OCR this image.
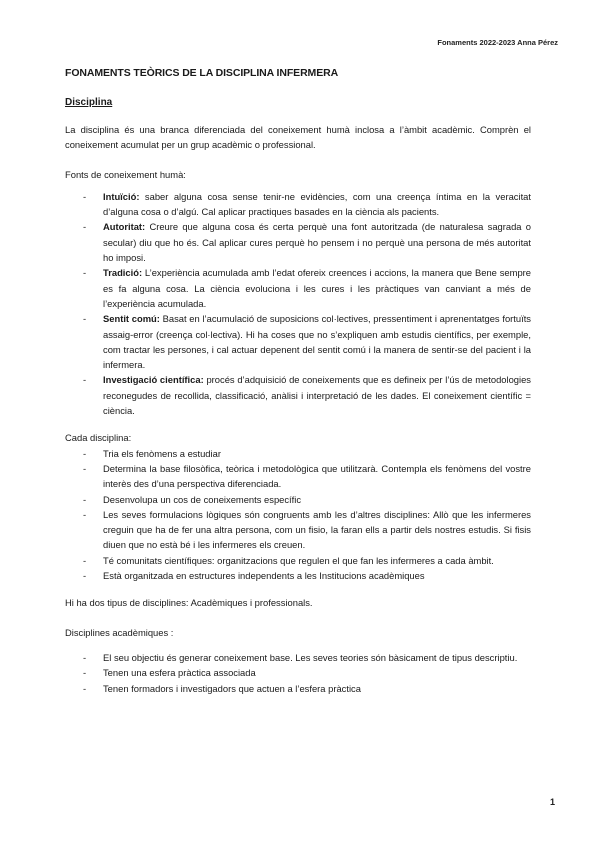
Fonaments 2022-2023 Anna Pérez
FONAMENTS TEÒRICS DE LA DISCIPLINA INFERMERA
Disciplina

La disciplina és una branca diferenciada del coneixement humà inclosa a l’àmbit acadèmic. Comprèn el coneixement acumulat per un grup acadèmic o professional.

Fonts de coneixement humà:

- Intuïció: saber alguna cosa sense tenir-ne evidències, com una creença íntima en la veracitat d’alguna cosa o d’algú. Cal aplicar practiques basades en la ciència als pacients.
- Autoritat: Creure que alguna cosa és certa perquè una font autoritzada (de naturalesa sagrada o secular) diu que ho és. Cal aplicar cures perquè ho pensem i no perquè una persona de més autoritat ho imposi.
- Tradició: L’experiència acumulada amb l’edat ofereix creences i accions, la manera que Bene sempre es fa alguna cosa. La ciència evoluciona i les cures i les pràctiques van canviant a més de l’experiència acumulada.
- Sentit comú: Basat en l’acumulació de suposicions col·lectives, pressentiment i aprenentatges fortuïts assaig-error (creença col·lectiva). Hi ha coses que no s’expliquen amb estudis científics, per exemple, com tractar les persones, i cal actuar depenent del sentit comú i la manera de sentir-se del pacient i la infermera.
- Investigació científica: procés d’adquisició de coneixements que es defineix per l’ús de metodologies reconegudes de recollida, classificació, anàlisi i interpretació de les dades. El coneixement científic = ciència.

Cada disciplina:

- Tria els fenòmens a estudiar
- Determina la base filosòfica, teòrica i metodològica que utilitzarà. Contempla els fenòmens del vostre interès des d’una perspectiva diferenciada.
- Desenvolupa un cos de coneixements específic
- Les seves formulacions lògiques són congruents amb les d’altres disciplines: Allò que les infermeres creguin que ha de fer una altra persona, com un fisio, la faran ells a partir dels nostres estudis. Si fisis diuen que no està bé i les infermeres els creuen.
- Té comunitats científiques: organitzacions que regulen el que fan les infermeres a cada àmbit.
- Està organitzada en estructures independents a les Institucions acadèmiques

Hi ha dos tipus de disciplines: Acadèmiques i professionals.

Disciplines acadèmiques :

- El seu objectiu és generar coneixement base. Les seves teories són bàsicament de tipus descriptiu.
- Tenen una esfera pràctica associada
- Tenen formadors i investigadors que actuen a l’esfera pràctica
1
